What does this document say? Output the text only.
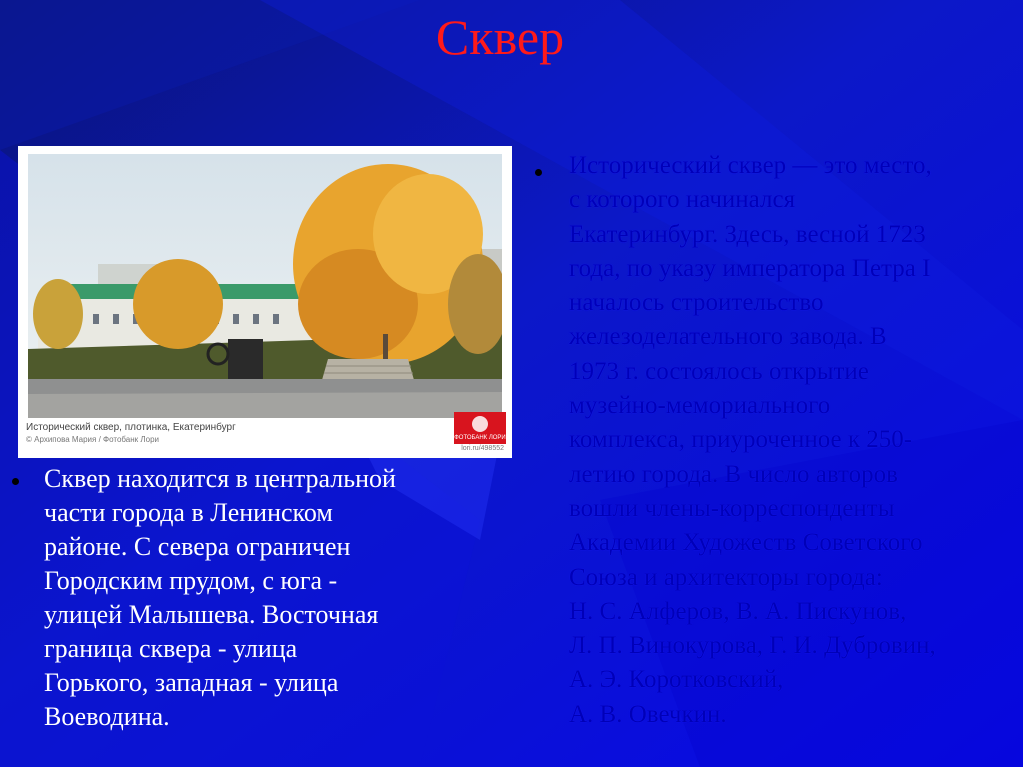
Сквер
Исторический сквер, плотинка, Екатеринбург
© Архипова Мария / Фотобанк Лори
lori.ru/498552
ФОТОБАНК ЛОРИ
Сквер находится в центральной
части города в Ленинском
районе. С севера ограничен
Городским прудом, с юга -
улицей Малышева. Восточная
граница сквера - улица
Горького, западная - улица
Воеводина.
Исторический сквер — это место,
с которого начинался
Екатеринбург. Здесь, весной 1723
года, по указу императора Петра I
началось строительство
железоделательного завода. В
1973 г. состоялось открытие
музейно-мемориального
комплекса, приуроченное к 250-
летию города. В число авторов
вошли члены-корреспонденты
Академии Художеств Советского
Союза и архитекторы города:
Н. С. Алферов, В. А. Пискунов,
Л. П. Винокурова, Г. И. Дубровин,
А. Э. Коротковский,
А. В. Овечкин.
